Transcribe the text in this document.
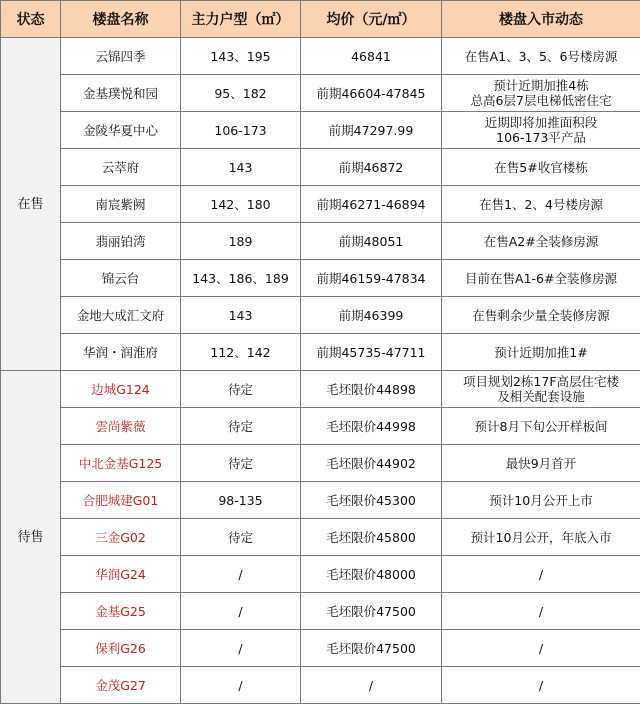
状态	楼盘名称	主力户型（㎡）	均价（元/㎡）	楼盘入市动态
在售	云锦四季	143、195	46841	在售A1、3、5、6号楼房源
	金基璞悦和园	95、182	前期46604-47845	预计近期加推4栋
总高6层7层电梯低密住宅
	金陵华夏中心	106-173	前期47297.99	近期即将加推面积段
106-173平产品
	云萃府	143	前期46872	在售5#收官楼栋
	南宸紫阙	142、180	前期46271-46894	在售1、2、4号楼房源
	翡丽铂湾	189	前期48051	在售A2#全装修房源
	锦云台	143、186、189	前期46159-47834	目前在售A1-6#全装修房源
	金地大成汇文府	143	前期46399	在售剩余少量全装修房源
	华润・润淮府	112、142	前期45735-47711	预计近期加推1#
待售	边城G124	待定	毛坯限价44898	项目规划2栋17F高层住宅楼
及相关配套设施
	雲尚紫薇	待定	毛坯限价44998	预计8月下旬公开样板间
	中北金基G125	待定	毛坯限价44902	最快9月首开
	合肥城建G01	98-135	毛坯限价45300	预计10月公开上市
	三金G02	待定	毛坯限价45800	预计10月公开，年底入市
	华润G24	/	毛坯限价48000	/
	金基G25	/	毛坯限价47500	/
	保利G26	/	毛坯限价47500	/
	金茂G27	/	/	/
